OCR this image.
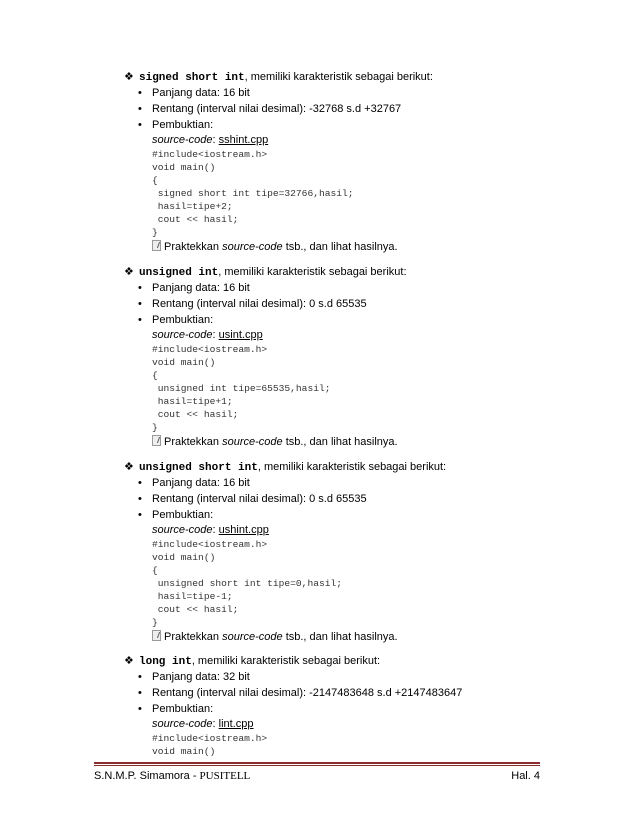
❖ signed short int, memiliki karakteristik sebagai berikut:
• Panjang data: 16 bit
• Rentang (interval nilai desimal): -32768 s.d +32767
• Pembuktian:
source-code: sshint.cpp
#include<iostream.h>
void main()
{
signed short int tipe=32766,hasil;
hasil=tipe+2;
cout << hasil;
}
Praktekkan source-code tsb., dan lihat hasilnya.
❖ unsigned int, memiliki karakteristik sebagai berikut:
• Panjang data: 16 bit
• Rentang (interval nilai desimal): 0 s.d 65535
• Pembuktian:
source-code: usint.cpp
#include<iostream.h>
void main()
{
unsigned int tipe=65535,hasil;
hasil=tipe+1;
cout << hasil;
}
Praktekkan source-code tsb., dan lihat hasilnya.
❖ unsigned short int, memiliki karakteristik sebagai berikut:
• Panjang data: 16 bit
• Rentang (interval nilai desimal): 0 s.d 65535
• Pembuktian:
source-code: ushint.cpp
#include<iostream.h>
void main()
{
unsigned short int tipe=0,hasil;
hasil=tipe-1;
cout << hasil;
}
Praktekkan source-code tsb., dan lihat hasilnya.
❖ long int, memiliki karakteristik sebagai berikut:
• Panjang data: 32 bit
• Rentang (interval nilai desimal): -2147483648 s.d +2147483647
• Pembuktian:
source-code: lint.cpp
#include<iostream.h>
void main()
S.N.M.P. Simamora - PUSITELL	Hal. 4
